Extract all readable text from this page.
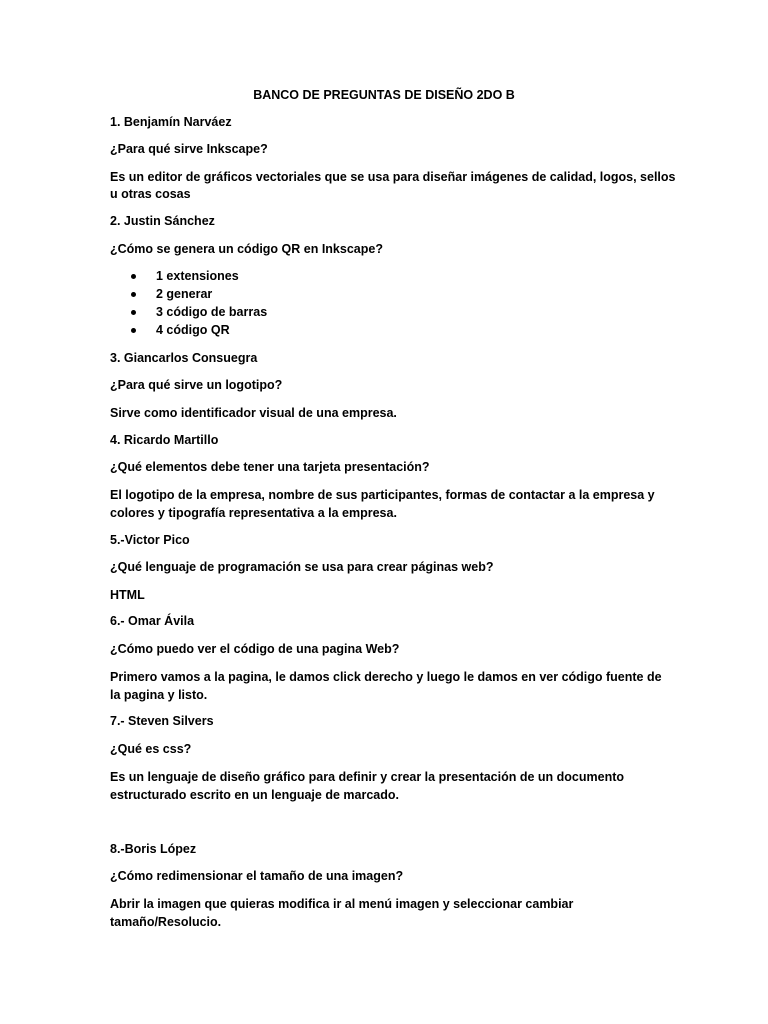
BANCO DE PREGUNTAS DE DISEÑO 2DO B
1. Benjamín Narváez
¿Para qué sirve Inkscape?
Es un editor de gráficos vectoriales que se usa para diseñar imágenes de calidad, logos, sellos
u otras cosas
2. Justin Sánchez
¿Cómo se genera un código QR en Inkscape?
1 extensiones
2 generar
3 código de barras
4 código QR
3. Giancarlos Consuegra
¿Para qué sirve un logotipo?
Sirve como identificador visual de una empresa.
4. Ricardo Martillo
¿Qué elementos debe tener una tarjeta presentación?
El logotipo de la empresa, nombre de sus participantes, formas de contactar a la empresa y
colores y tipografía representativa a la empresa.
5.-Victor Pico
¿Qué lenguaje de programación se usa para crear páginas web?
HTML
6.- Omar Ávila
¿Cómo puedo ver el código de una pagina Web?
Primero vamos a la pagina, le damos click derecho y luego le damos en ver código fuente de
la pagina y listo.
7.- Steven Silvers
¿Qué es css?
Es un lenguaje de diseño gráfico para definir y crear la presentación de un documento
estructurado escrito en un lenguaje de marcado.
8.-Boris López
¿Cómo redimensionar el tamaño de una imagen?
Abrir la imagen que quieras modifica ir al menú imagen y seleccionar cambiar
tamaño/Resolucio.
